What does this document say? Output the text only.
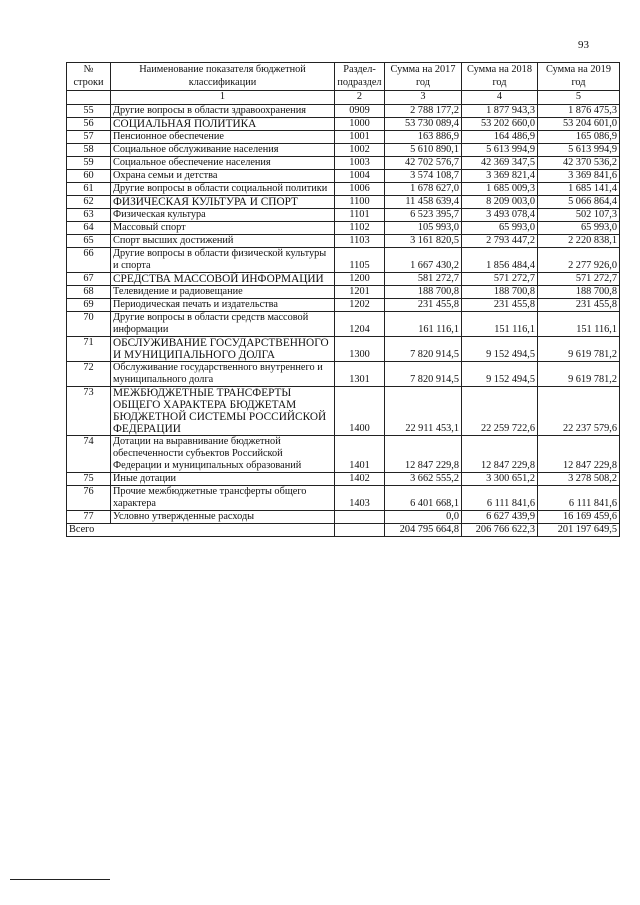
93
№ строки	Наименование показателя бюджетной классификации	Раздел-подраздел	Сумма на 2017 год	Сумма на 2018 год	Сумма на 2019 год
	1	2	3	4	5
55	Другие вопросы в области здравоохранения	0909	2 788 177,2	1 877 943,3	1 876 475,3
56	СОЦИАЛЬНАЯ ПОЛИТИКА	1000	53 730 089,4	53 202 660,0	53 204 601,0
57	Пенсионное обеспечение	1001	163 886,9	164 486,9	165 086,9
58	Социальное обслуживание населения	1002	5 610 890,1	5 613 994,9	5 613 994,9
59	Социальное обеспечение населения	1003	42 702 576,7	42 369 347,5	42 370 536,2
60	Охрана семьи и детства	1004	3 574 108,7	3 369 821,4	3 369 841,6
61	Другие вопросы в области социальной политики	1006	1 678 627,0	1 685 009,3	1 685 141,4
62	ФИЗИЧЕСКАЯ КУЛЬТУРА И СПОРТ	1100	11 458 639,4	8 209 003,0	5 066 864,4
63	Физическая культура	1101	6 523 395,7	3 493 078,4	502 107,3
64	Массовый спорт	1102	105 993,0	65 993,0	65 993,0
65	Спорт высших достижений	1103	3 161 820,5	2 793 447,2	2 220 838,1
66	Другие вопросы в области физической культуры и спорта	1105	1 667 430,2	1 856 484,4	2 277 926,0
67	СРЕДСТВА МАССОВОЙ ИНФОРМАЦИИ	1200	581 272,7	571 272,7	571 272,7
68	Телевидение и радиовещание	1201	188 700,8	188 700,8	188 700,8
69	Периодическая печать и издательства	1202	231 455,8	231 455,8	231 455,8
70	Другие вопросы в области средств массовой информации	1204	161 116,1	151 116,1	151 116,1
71	ОБСЛУЖИВАНИЕ ГОСУДАРСТВЕННОГО И МУНИЦИПАЛЬНОГО ДОЛГА	1300	7 820 914,5	9 152 494,5	9 619 781,2
72	Обслуживание государственного внутреннего и муниципального долга	1301	7 820 914,5	9 152 494,5	9 619 781,2
73	МЕЖБЮДЖЕТНЫЕ ТРАНСФЕРТЫ ОБЩЕГО ХАРАКТЕРА БЮДЖЕТАМ БЮДЖЕТНОЙ СИСТЕМЫ РОССИЙСКОЙ ФЕДЕРАЦИИ	1400	22 911 453,1	22 259 722,6	22 237 579,6
74	Дотации на выравнивание бюджетной обеспеченности субъектов Российской Федерации и муниципальных образований	1401	12 847 229,8	12 847 229,8	12 847 229,8
75	Иные дотации	1402	3 662 555,2	3 300 651,2	3 278 508,2
76	Прочие межбюджетные трансферты общего характера	1403	6 401 668,1	6 111 841,6	6 111 841,6
77	Условно утвержденные расходы		0,0	6 627 439,9	16 169 459,6
Всего			204 795 664,8	206 766 622,3	201 197 649,5
